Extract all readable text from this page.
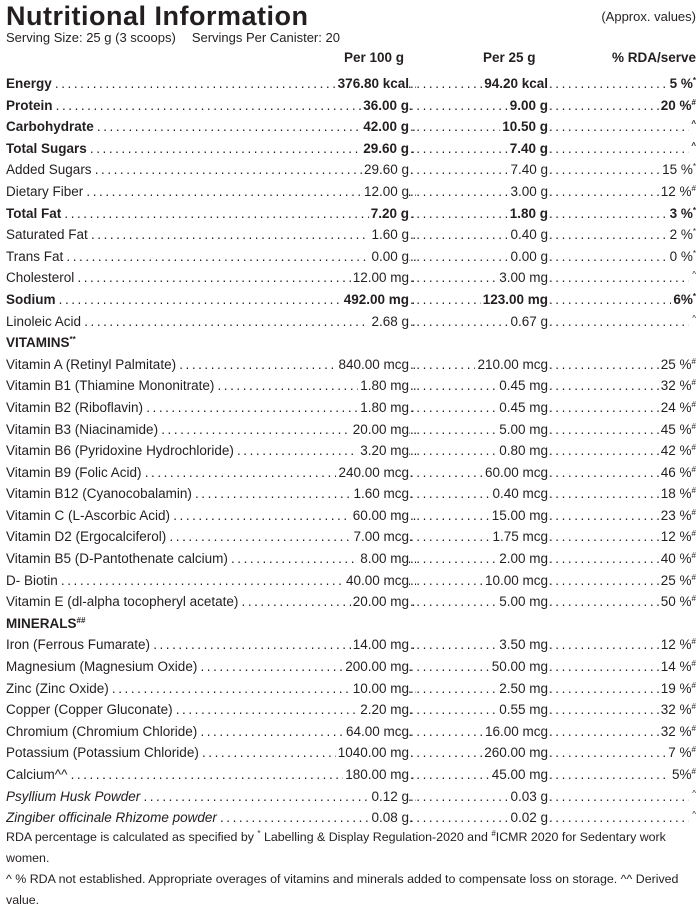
Nutritional Information	(Approx. values)
Serving Size: 25 g (3 scoops) Servings Per Canister: 20
Per 100 g	Per 25 g	% RDA/serve
Energy . . .	376.80 kcal . . .	94.20 kcal . . .	5 %*
Protein . . .	36.00 g . . .	9.00 g . . .	20 %#
Carbohydrate . . .	42.00 g . . .	10.50 g . . .	^
Total Sugars . . .	29.60 g . . .	7.40 g . . .	^
Added Sugars . . .	29.60 g . . .	7.40 g . . .	15 %*
Dietary Fiber . . .	12.00 g . . .	3.00 g . . .	12 %#
Total Fat . . .	7.20 g . . .	1.80 g . . .	3 %*
Saturated Fat . . .	1.60 g . . .	0.40 g . . .	2 %*
Trans Fat . . .	0.00 g . . .	0.00 g . . .	0 %*
Cholesterol . . .	12.00 mg . . .	3.00 mg . . .	^
Sodium . . .	492.00 mg . . .	123.00 mg . . .	6%*
Linoleic Acid . . .	2.68 g . . .	0.67 g . . .	^
VITAMINS**
Vitamin A (Retinyl Palmitate) . . .	840.00 mcg . . .	210.00 mcg . . .	25 %#
Vitamin B1 (Thiamine Mononitrate) . . .	1.80 mg . . .	0.45 mg . . .	32 %#
Vitamin B2 (Riboflavin) . . .	1.80 mg . . .	0.45 mg . . .	24 %#
Vitamin B3 (Niacinamide) . . .	20.00 mg . . .	5.00 mg . . .	45 %#
Vitamin B6 (Pyridoxine Hydrochloride) . . .	3.20 mg . . .	0.80 mg . . .	42 %#
Vitamin B9 (Folic Acid) . . .	240.00 mcg . . .	60.00 mcg . . .	46 %#
Vitamin B12 (Cyanocobalamin) . . .	1.60 mcg . . .	0.40 mcg . . .	18 %#
Vitamin C (L-Ascorbic Acid) . . .	60.00 mg . . .	15.00 mg . . .	23 %#
Vitamin D2 (Ergocalciferol) . . .	7.00 mcg . . .	1.75 mcg . . .	12 %#
Vitamin B5 (D-Pantothenate calcium) . . .	8.00 mg . . .	2.00 mg . . .	40 %#
D- Biotin . . .	40.00 mcg . . .	10.00 mcg . . .	25 %#
Vitamin E (dl-alpha tocopheryl acetate) . . .	20.00 mg . . .	5.00 mg . . .	50 %#
MINERALS##
Iron (Ferrous Fumarate) . . .	14.00 mg . . .	3.50 mg . . .	12 %#
Magnesium (Magnesium Oxide) . . .	200.00 mg . . .	50.00 mg . . .	14 %#
Zinc (Zinc Oxide) . . .	10.00 mg . . .	2.50 mg . . .	19 %#
Copper (Copper Gluconate) . . .	2.20 mg . . .	0.55 mg . . .	32 %#
Chromium (Chromium Chloride) . . .	64.00 mcg . . .	16.00 mcg . . .	32 %#
Potassium (Potassium Chloride) . . .	1040.00 mg . . .	260.00 mg . . .	7 %#
Calcium^^ . . .	180.00 mg . . .	45.00 mg . . .	5%#
Psyllium Husk Powder . . .	0.12 g . . .	0.03 g . . .	^
Zingiber officinale Rhizome powder . . .	0.08 g . . .	0.02 g . . .	^
RDA percentage is calculated as specified by * Labelling & Display Regulation-2020 and #ICMR 2020 for Sedentary work women.
^ % RDA not established. Appropriate overages of vitamins and minerals added to compensate loss on storage. ^^ Derived value.
